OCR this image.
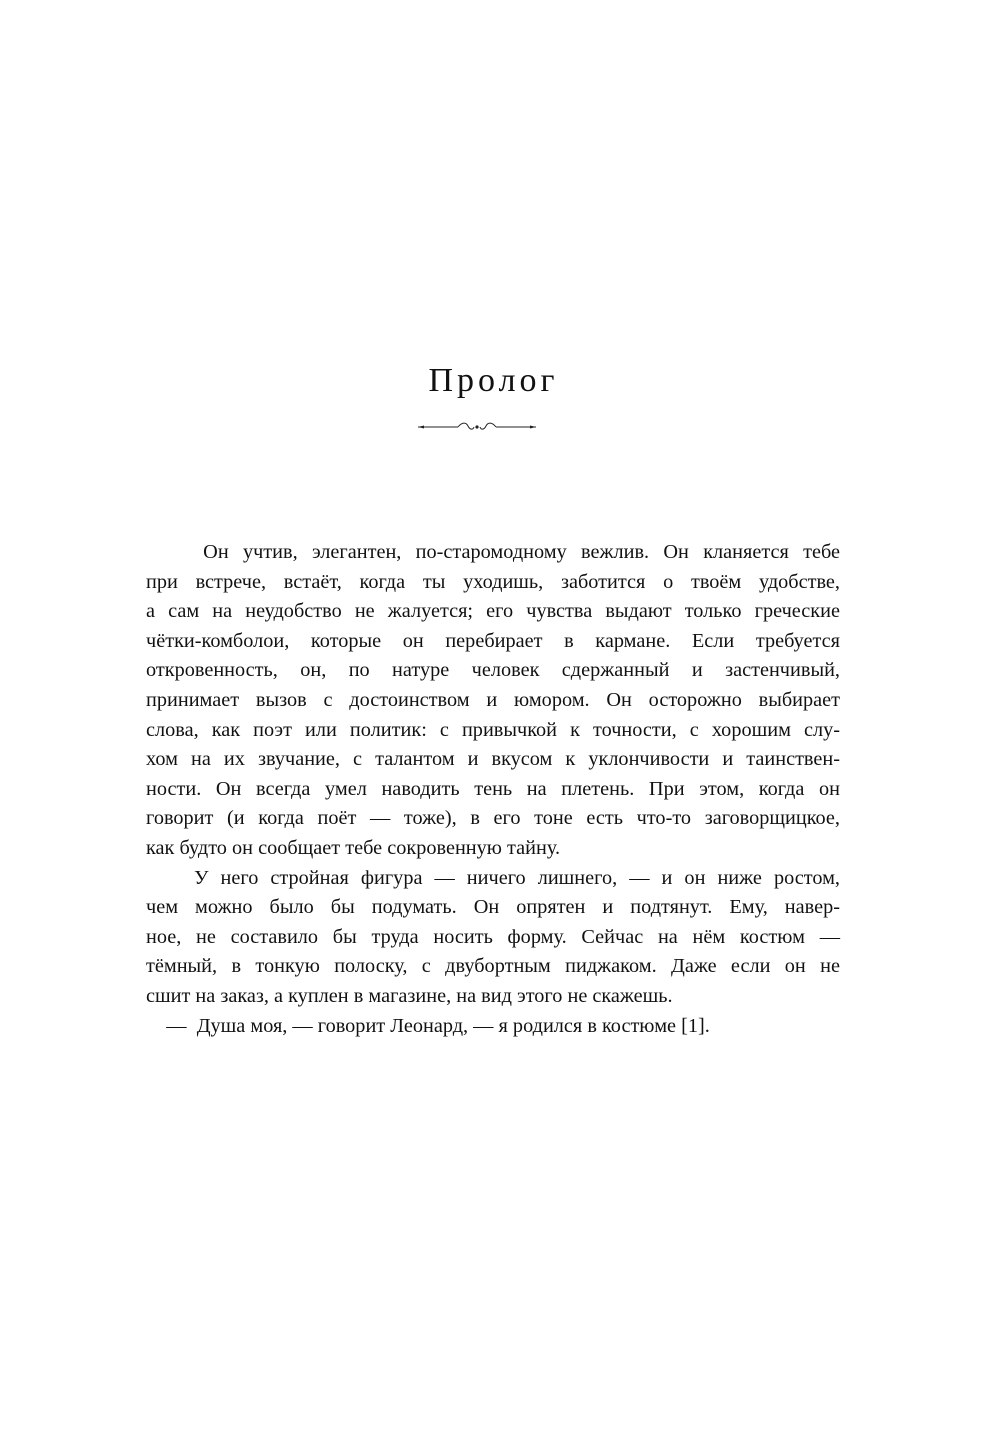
Пролог
Он учтив, элегантен, по-старомодному вежлив. Он кланяется тебе
при встрече, встаёт, когда ты уходишь, заботится о твоём удобстве,
а сам на неудобство не жалуется; его чувства выдают только греческие
чётки-комболои, которые он перебирает в кармане. Если требуется
откровенность, он, по натуре человек сдержанный и застенчивый,
принимает вызов с достоинством и юмором. Он осторожно выбирает
слова, как поэт или политик: с привычкой к точности, с хорошим слу-
хом на их звучание, с талантом и вкусом к уклончивости и таинствен-
ности. Он всегда умел наводить тень на плетень. При этом, когда он
говорит (и когда поёт — тоже), в его тоне есть что-то заговорщицкое,
как будто он сообщает тебе сокровенную тайну.
У него стройная фигура — ничего лишнего, — и он ниже ростом,
чем можно было бы подумать. Он опрятен и подтянут. Ему, навер-
ное, не составило бы труда носить форму. Сейчас на нём костюм —
тёмный, в тонкую полоску, с двубортным пиджаком. Даже если он не
сшит на заказ, а куплен в магазине, на вид этого не скажешь.
—  Душа моя, — говорит Леонард, — я родился в костюме [1].
